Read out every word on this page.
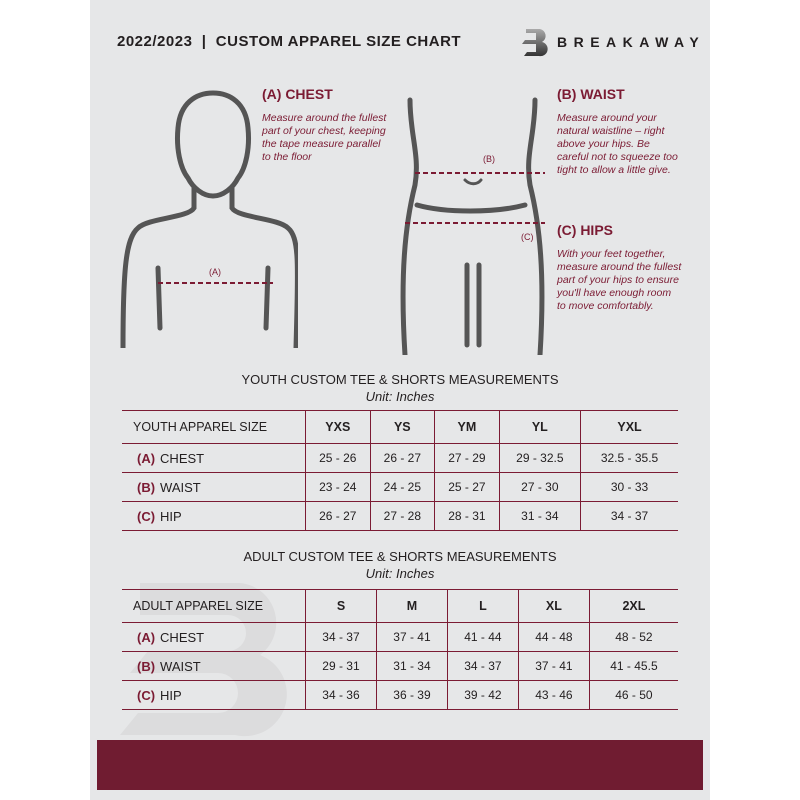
2022/2023  |  CUSTOM APPAREL SIZE CHART	BREAKAWAY
(A)
(A) CHEST
Measure around the fullest part of your chest, keeping the tape measure parallel to the floor	(B)
(C)
(B) WAIST
Measure around your natural waistline – right above your hips. Be careful not to squeeze too tight to allow a little give.
(C) HIPS
With your feet together, measure around the fullest part of your hips to ensure you'll have enough room to move comfortably.
YOUTH CUSTOM TEE & SHORTS MEASUREMENTS
Unit: Inches
YOUTH APPAREL SIZE	YXS	YS	YM	YL	YXL
(A) CHEST	25 - 26	26 - 27	27 - 29	29 - 32.5	32.5 - 35.5
(B) WAIST	23 - 24	24 - 25	25 - 27	27 - 30	30 - 33
(C) HIP	26 - 27	27 - 28	28 - 31	31 - 34	34 - 37
ADULT CUSTOM TEE & SHORTS MEASUREMENTS
Unit: Inches
ADULT APPAREL SIZE	S	M	L	XL	2XL
(A) CHEST	34 - 37	37 - 41	41 - 44	44 - 48	48 - 52
(B) WAIST	29 - 31	31 - 34	34 - 37	37 - 41	41 - 45.5
(C) HIP	34 - 36	36 - 39	39 - 42	43 - 46	46 - 50
